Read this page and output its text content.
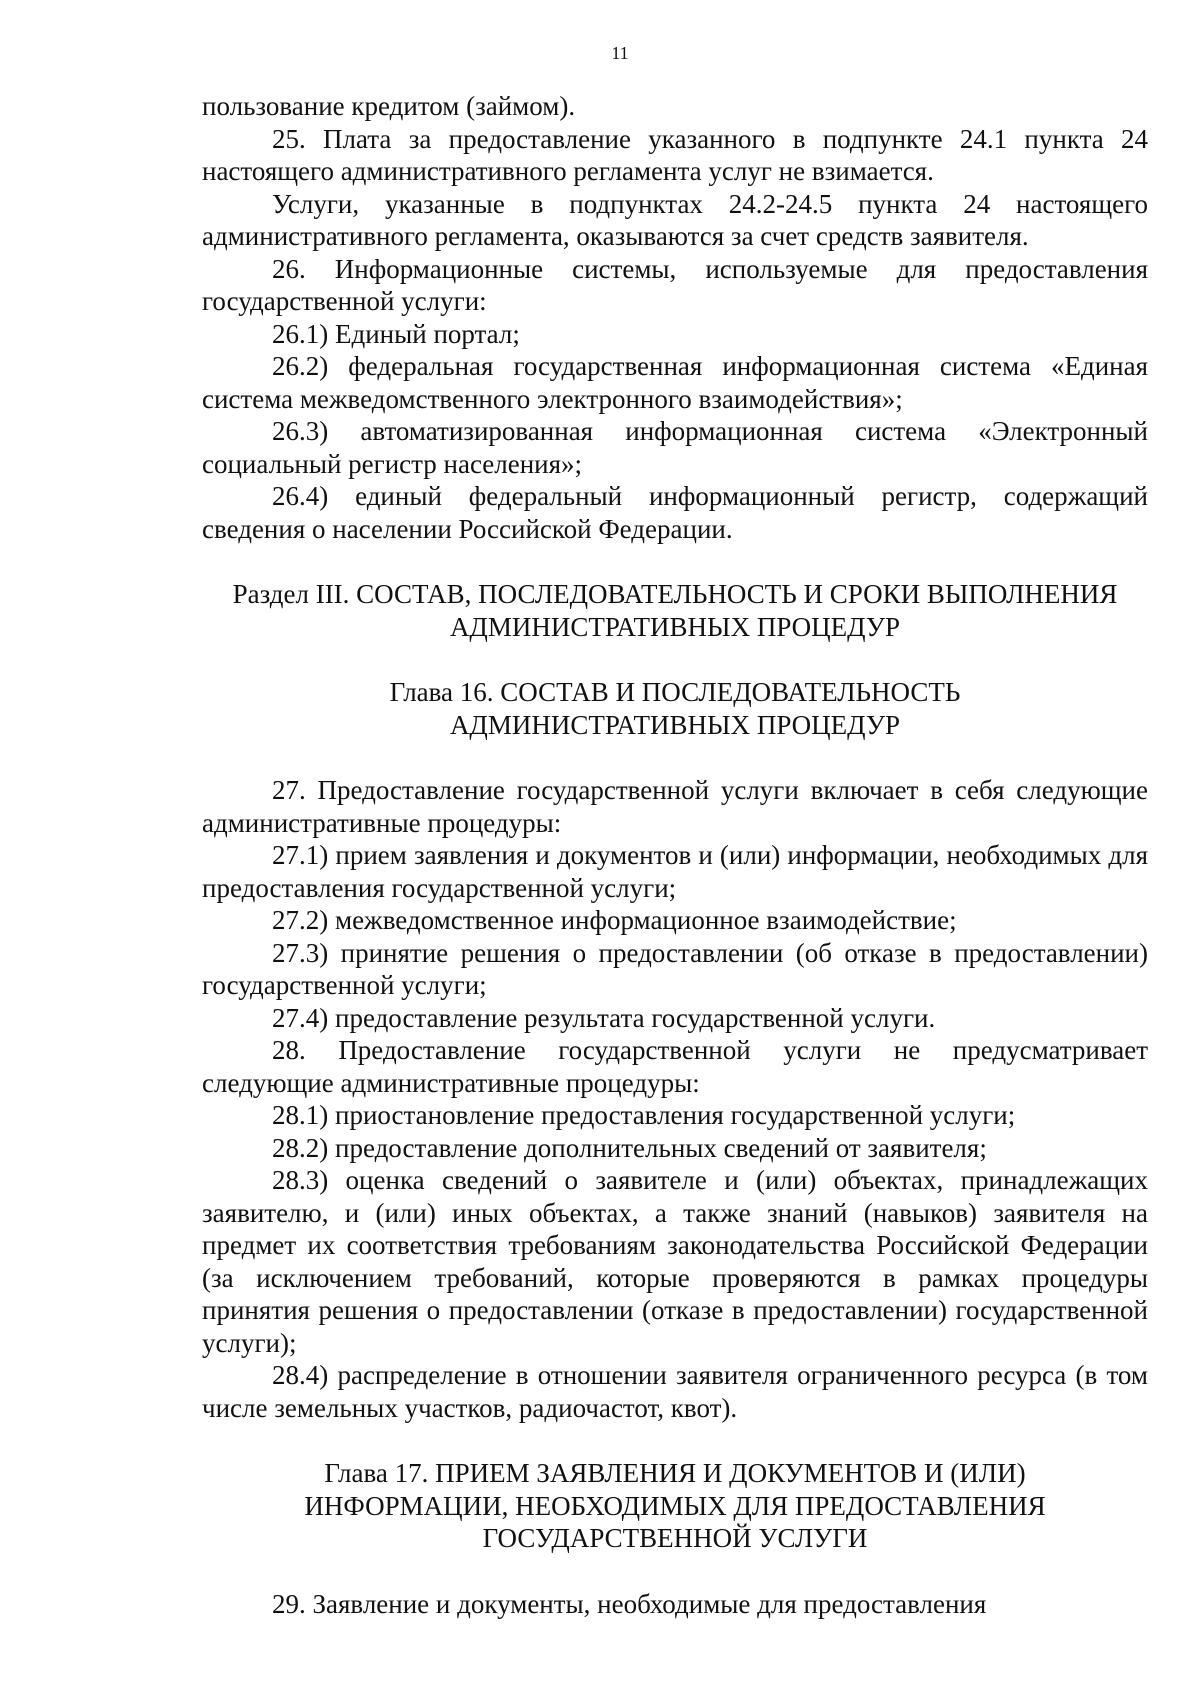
11

пользование кредитом (займом).

25. Плата за предоставление указанного в подпункте 24.1 пункта 24 настоящего административного регламента услуг не взимается.

Услуги, указанные в подпунктах 24.2-24.5 пункта 24 настоящего административного регламента, оказываются за счет средств заявителя.

26. Информационные системы, используемые для предоставления государственной услуги:

26.1) Единый портал;

26.2) федеральная государственная информационная система «Единая система межведомственного электронного взаимодействия»;

26.3) автоматизированная информационная система «Электронный социальный регистр населения»;

26.4) единый федеральный информационный регистр, содержащий сведения о населении Российской Федерации.

Раздел III. СОСТАВ, ПОСЛЕДОВАТЕЛЬНОСТЬ И СРОКИ ВЫПОЛНЕНИЯ
АДМИНИСТРАТИВНЫХ ПРОЦЕДУР
Глава 16. СОСТАВ И ПОСЛЕДОВАТЕЛЬНОСТЬ
АДМИНИСТРАТИВНЫХ ПРОЦЕДУР

27. Предоставление государственной услуги включает в себя следующие административные процедуры:

27.1) прием заявления и документов и (или) информации, необходимых для предоставления государственной услуги;

27.2) межведомственное информационное взаимодействие;

27.3) принятие решения о предоставлении (об отказе в предоставлении) государственной услуги;

27.4) предоставление результата государственной услуги.

28. Предоставление государственной услуги не предусматривает следующие административные процедуры:

28.1) приостановление предоставления государственной услуги;

28.2) предоставление дополнительных сведений от заявителя;

28.3) оценка сведений о заявителе и (или) объектах, принадлежащих заявителю, и (или) иных объектах, а также знаний (навыков) заявителя на предмет их соответствия требованиям законодательства Российской Федерации (за исключением требований, которые проверяются в рамках процедуры принятия решения о предоставлении (отказе в предоставлении) государственной услуги);

28.4) распределение в отношении заявителя ограниченного ресурса (в том числе земельных участков, радиочастот, квот).

Глава 17. ПРИЕМ ЗАЯВЛЕНИЯ И ДОКУМЕНТОВ И (ИЛИ)
ИНФОРМАЦИИ, НЕОБХОДИМЫХ ДЛЯ ПРЕДОСТАВЛЕНИЯ
ГОСУДАРСТВЕННОЙ УСЛУГИ

29. Заявление и документы, необходимые для предоставления
